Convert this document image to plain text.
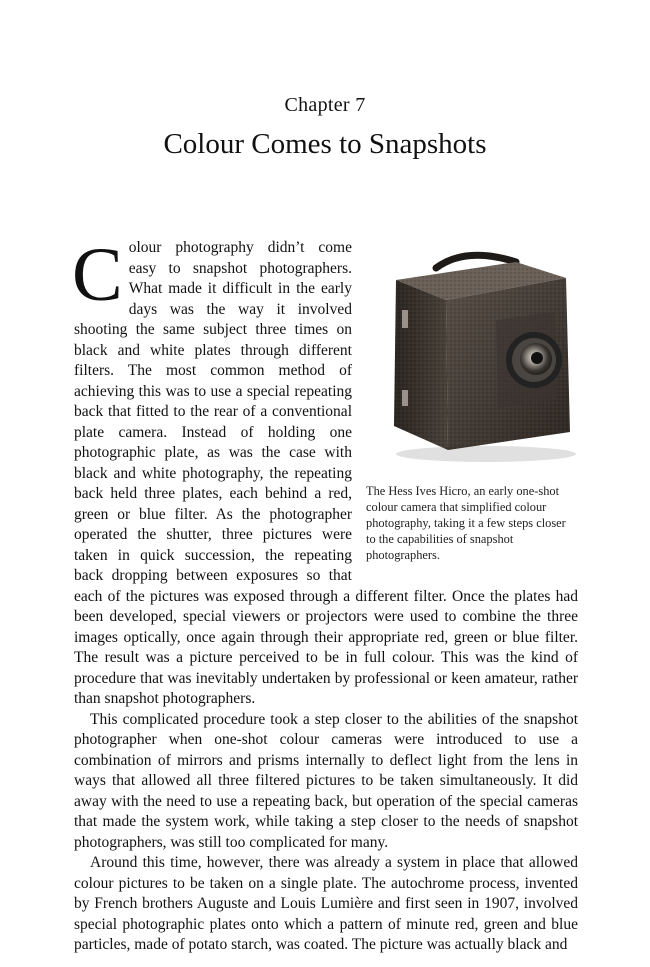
Chapter 7
Colour Comes to Snapshots
The Hess Ives Hicro, an early one-shot colour camera that simplified colour photography, taking it a few steps closer to the capabilities of snapshot photographers.

Colour photography didn’t come easy to snapshot photographers. What made it difficult in the early days was the way it involved shooting the same subject three times on black and white plates through different filters. The most common method of achieving this was to use a special repeating back that fitted to the rear of a conventional plate camera. Instead of holding one photographic plate, as was the case with black and white photography, the repeating back held three plates, each behind a red, green or blue filter. As the photographer operated the shutter, three pictures were taken in quick succession, the repeating back dropping between exposures so that each of the pictures was exposed through a different filter. Once the plates had been developed, special viewers or projectors were used to combine the three images optically, once again through their appropriate red, green or blue filter. The result was a picture perceived to be in full colour. This was the kind of procedure that was inevitably undertaken by professional or keen amateur, rather than snapshot photographers.

This complicated procedure took a step closer to the abilities of the snapshot photographer when one-shot colour cameras were introduced to use a combination of mirrors and prisms internally to deflect light from the lens in ways that allowed all three filtered pictures to be taken simultaneously. It did away with the need to use a repeating back, but operation of the special cameras that made the system work, while taking a step closer to the needs of snapshot photographers, was still too complicated for many.

Around this time, however, there was already a system in place that allowed colour pictures to be taken on a single plate. The autochrome process, invented by French brothers Auguste and Louis Lumière and first seen in 1907, involved special photographic plates onto which a pattern of minute red, green and blue particles, made of potato starch, was coated. The picture was actually black and
